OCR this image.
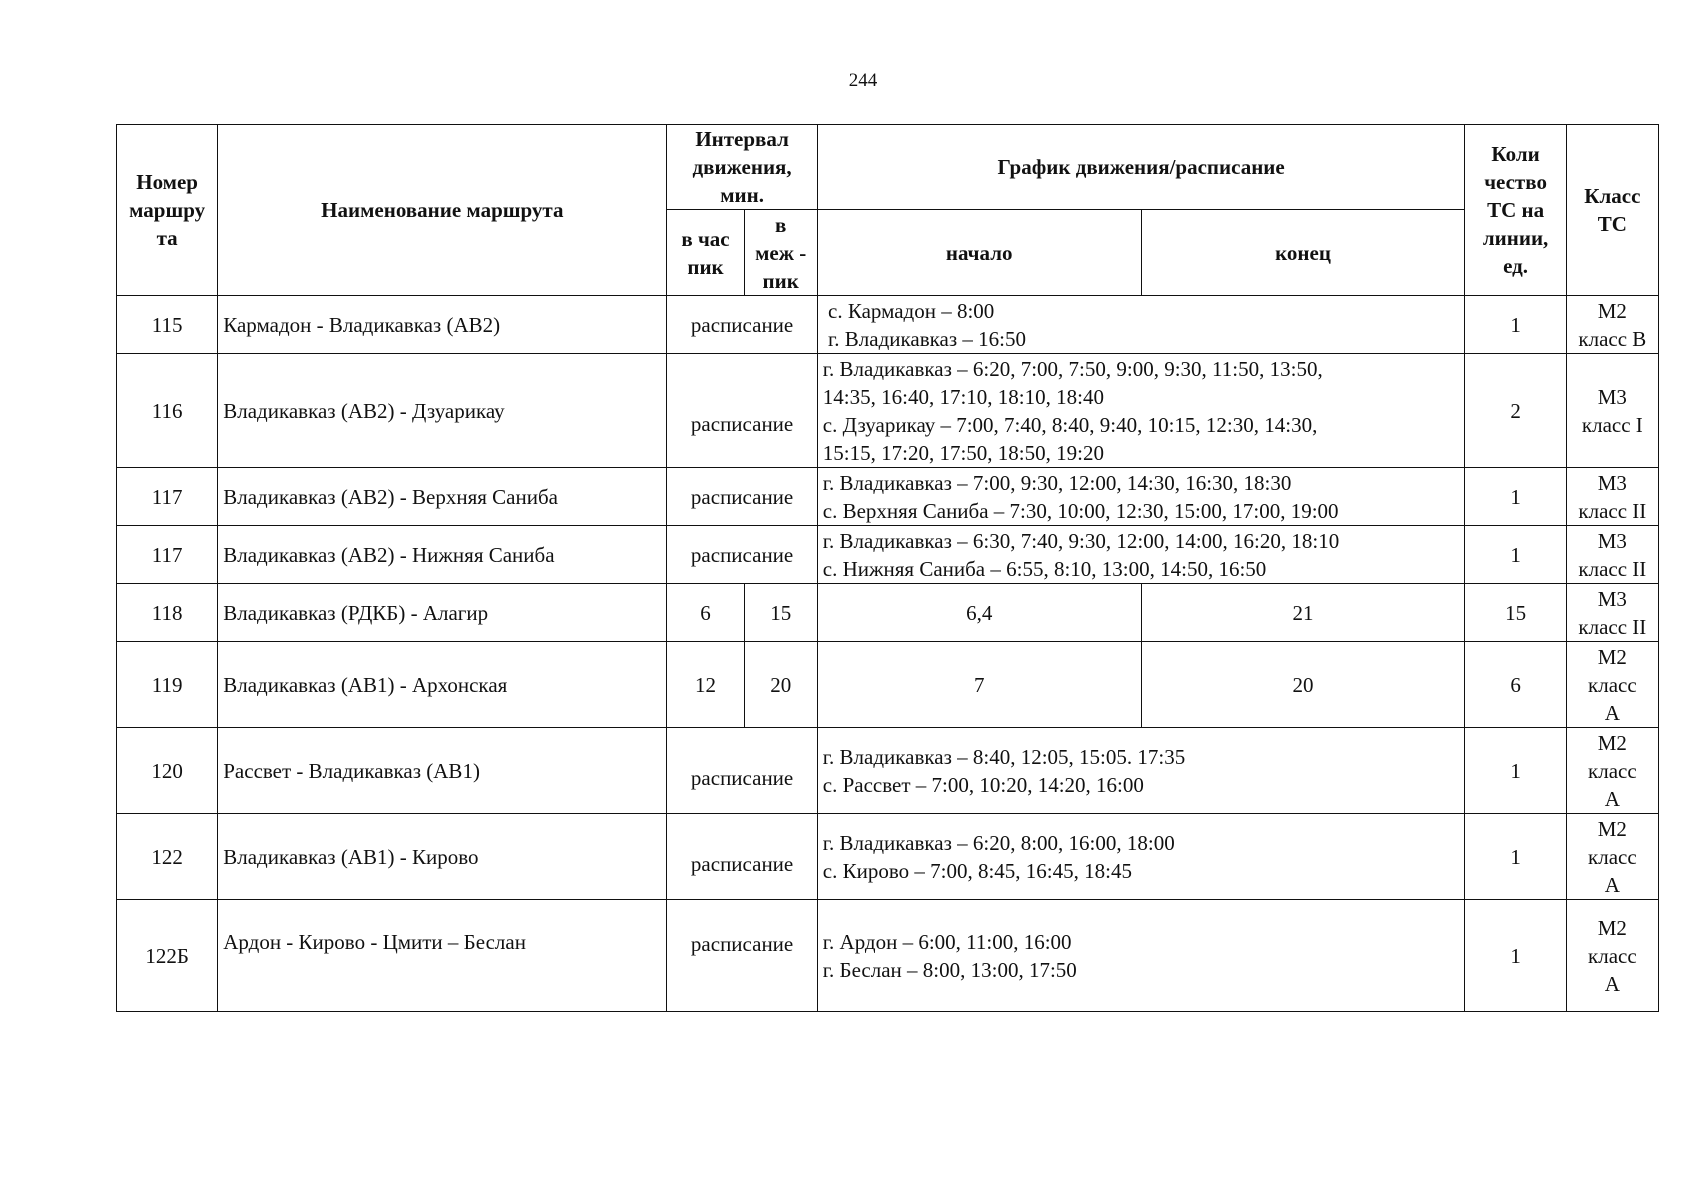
244
Номер
маршру
та	Наименование маршрута	Интервал
движения,
мин.		График движения/расписание		Коли
чество
ТС на
линии,
ед.	Класс
ТС

		в час
пик	в
меж -
пик	начало	конец		
115	Кармадон - Владикавказ (АВ2)	расписание		с. Кармадон – 8:00
г. Владикавказ – 16:50		1	М2
класс В

116	Владикавказ (АВ2) - Дзуарикау	расписание		г. Владикавказ – 6:20, 7:00, 7:50, 9:00, 9:30, 11:50, 13:50,
14:35, 16:40, 17:10, 18:10, 18:40
с. Дзуарикау – 7:00, 7:40, 8:40, 9:40, 10:15, 12:30, 14:30,
15:15, 17:20, 17:50, 18:50, 19:20		2	М3
класс I

117	Владикавказ (АВ2) - Верхняя Саниба	расписание		г. Владикавказ – 7:00, 9:30, 12:00, 14:30, 16:30, 18:30
с. Верхняя Саниба – 7:30, 10:00, 12:30, 15:00, 17:00, 19:00		1	М3
класс II

117	Владикавказ (АВ2) - Нижняя Саниба	расписание		г. Владикавказ – 6:30, 7:40, 9:30, 12:00, 14:00, 16:20, 18:10
с. Нижняя Саниба – 6:55, 8:10, 13:00, 14:50, 16:50		1	М3
класс II

118	Владикавказ (РДКБ) - Алагир	6	15	6,4	21	15	М3
класс II

119	Владикавказ (АВ1) - Архонская	12	20	7	20	6	М2
класс
А

120	Рассвет - Владикавказ (АВ1)	расписание		г. Владикавказ – 8:40, 12:05, 15:05. 17:35
с. Рассвет – 7:00, 10:20, 14:20, 16:00		1	М2
класс
А

122	Владикавказ (АВ1) - Кирово	расписание		г. Владикавказ – 6:20, 8:00, 16:00, 18:00
с. Кирово – 7:00, 8:45, 16:45, 18:45		1	М2
класс
А

122Б	Ардон - Кирово - Цмити – Беслан	расписание		г. Ардон – 6:00, 11:00, 16:00
г. Беслан – 8:00, 13:00, 17:50		1	М2
класс
А
